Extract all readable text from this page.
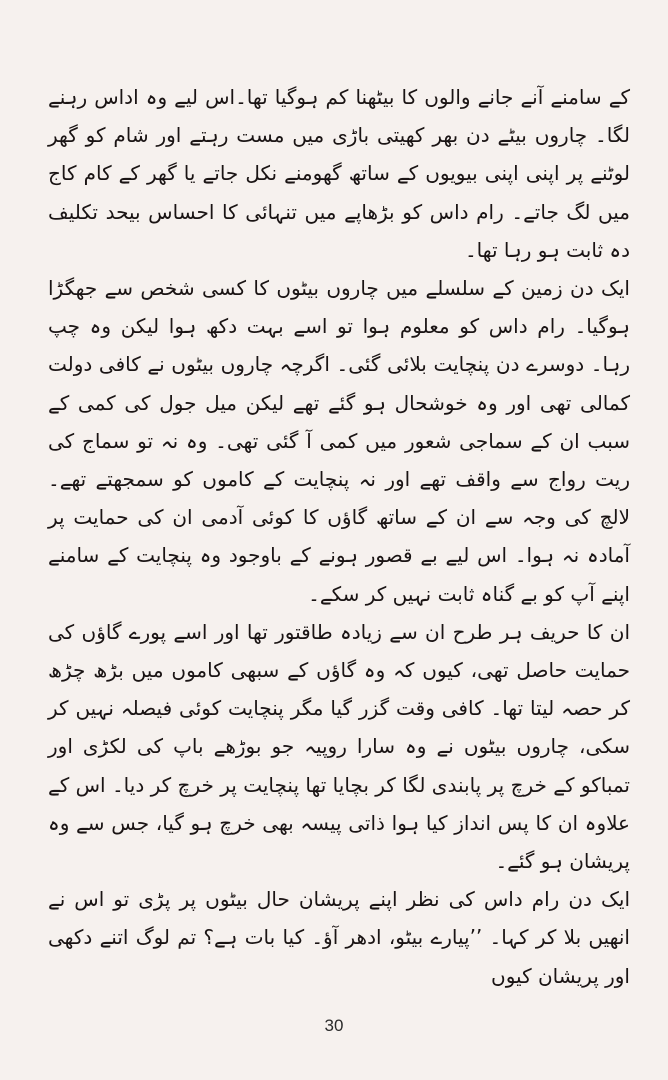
کے سامنے آنے جانے والوں کا بیٹھنا کم ہوگیا تھا۔اس لیے وہ اداس رہنے لگا۔ چاروں بیٹے دن بھر کھیتی باڑی میں مست رہتے اور شام کو گھر لوٹنے پر اپنی اپنی بیویوں کے ساتھ گھومنے نکل جاتے یا گھر کے کام کاج میں لگ جاتے۔ رام داس کو بڑھاپے میں تنہائی کا احساس بیحد تکلیف دہ ثابت ہو رہا تھا۔

ایک دن زمین کے سلسلے میں چاروں بیٹوں کا کسی شخص سے جھگڑا ہوگیا۔ رام داس کو معلوم ہوا تو اسے بہت دکھ ہوا لیکن وہ چپ رہا۔ دوسرے دن پنچایت بلائی گئی۔ اگرچہ چاروں بیٹوں نے کافی دولت کمالی تھی اور وہ خوشحال ہو گئے تھے لیکن میل جول کی کمی کے سبب ان کے سماجی شعور میں کمی آ گئی تھی۔ وہ نہ تو سماج کی ریت رواج سے واقف تھے اور نہ پنچایت کے کاموں کو سمجھتے تھے۔ لالچ کی وجہ سے ان کے ساتھ گاؤں کا کوئی آدمی ان کی حمایت پر آمادہ نہ ہوا۔ اس لیے بے قصور ہونے کے باوجود وہ پنچایت کے سامنے اپنے آپ کو بے گناہ ثابت نہیں کر سکے۔

ان کا حریف ہر طرح ان سے زیادہ طاقتور تھا اور اسے پورے گاؤں کی حمایت حاصل تھی، کیوں کہ وہ گاؤں کے سبھی کاموں میں بڑھ چڑھ کر حصہ لیتا تھا۔ کافی وقت گزر گیا مگر پنچایت کوئی فیصلہ نہیں کر سکی، چاروں بیٹوں نے وہ سارا روپیہ جو بوڑھے باپ کی لکڑی اور تمباکو کے خرچ پر پابندی لگا کر بچایا تھا پنچایت پر خرچ کر دیا۔ اس کے علاوہ ان کا پس انداز کیا ہوا ذاتی پیسہ بھی خرچ ہو گیا، جس سے وہ پریشان ہو گئے۔

ایک دن رام داس کی نظر اپنے پریشان حال بیٹوں پر پڑی تو اس نے انھیں بلا کر کہا۔ ’’پیارے بیٹو، ادھر آؤ۔ کیا بات ہے؟ تم لوگ اتنے دکھی اور پریشان کیوں

30
